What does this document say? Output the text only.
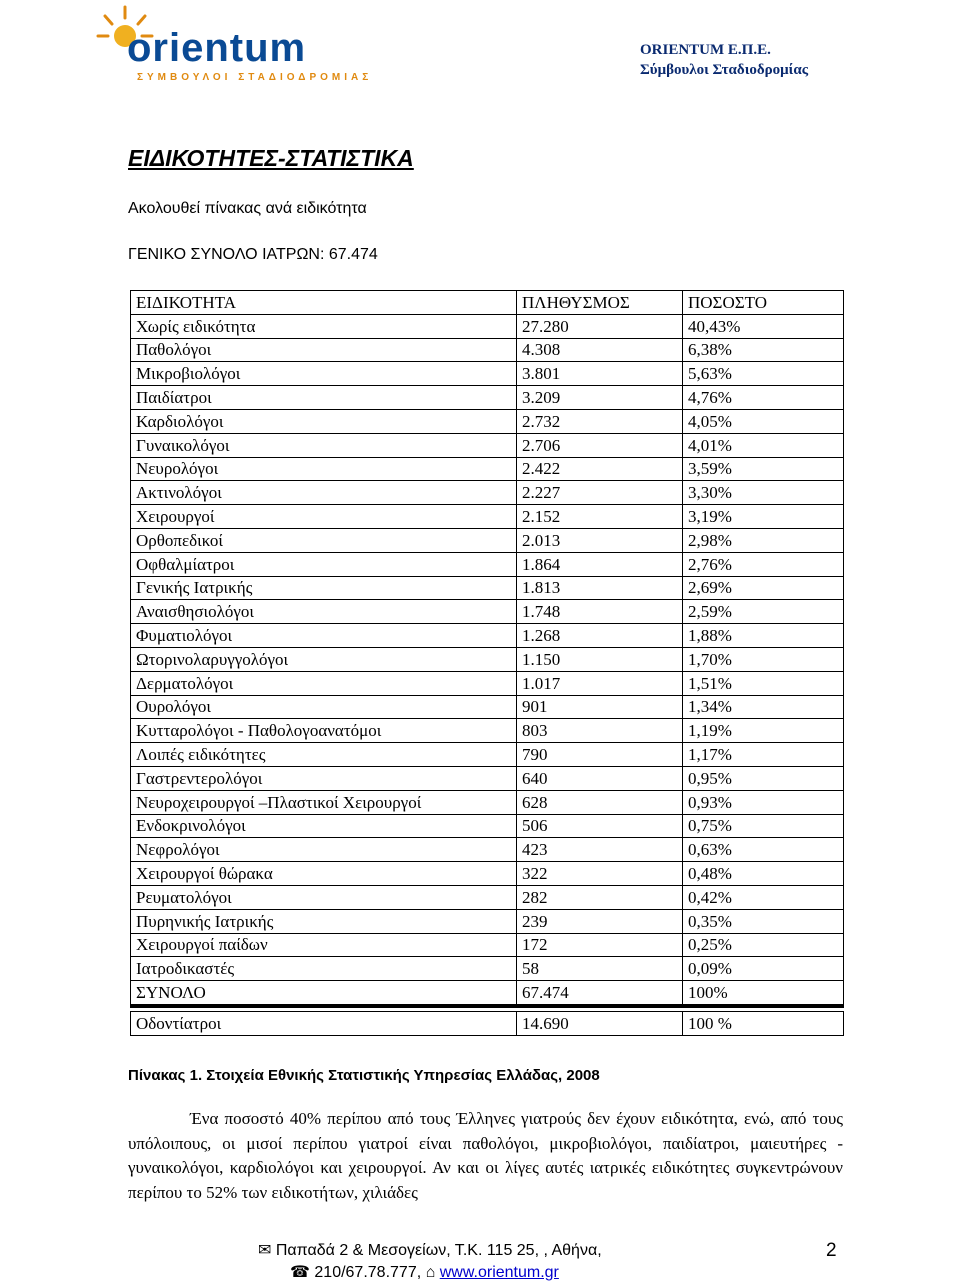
orientum
ΣΥΜΒΟΥΛΟΙ ΣΤΑΔΙΟΔΡΟΜΙΑΣ
ORIENTUM Ε.Π.Ε.
Σύμβουλοι Σταδιοδρομίας
ΕΙΔΙΚΟΤΗΤΕΣ-ΣΤΑΤΙΣΤΙΚΑ
Ακολουθεί πίνακας ανά ειδικότητα
ΓΕΝΙΚΟ ΣΥΝΟΛΟ ΙΑΤΡΩΝ: 67.474
ΕΙΔΙΚΟΤΗΤΑ	ΠΛΗΘΥΣΜΟΣ	ΠΟΣΟΣΤΟ
Χωρίς ειδικότητα	27.280	40,43%
Παθολόγοι	4.308	6,38%
Μικροβιολόγοι	3.801	5,63%
Παιδίατροι	3.209	4,76%
Καρδιολόγοι	2.732	4,05%
Γυναικολόγοι	2.706	4,01%
Νευρολόγοι	2.422	3,59%
Ακτινολόγοι	2.227	3,30%
Χειρουργοί	2.152	3,19%
Ορθοπεδικοί	2.013	2,98%
Οφθαλμίατροι	1.864	2,76%
Γενικής Ιατρικής	1.813	2,69%
Αναισθησιολόγοι	1.748	2,59%
Φυματιολόγοι	1.268	1,88%
Ωτορινολαρυγγολόγοι	1.150	1,70%
Δερματολόγοι	1.017	1,51%
Ουρολόγοι	901	1,34%
Κυτταρολόγοι - Παθολογοανατόμοι	803	1,19%
Λοιπές ειδικότητες	790	1,17%
Γαστρεντερολόγοι	640	0,95%
Νευροχειρουργοί –Πλαστικοί Χειρουργοί	628	0,93%
Ενδοκρινολόγοι	506	0,75%
Νεφρολόγοι	423	0,63%
Χειρουργοί θώρακα	322	0,48%
Ρευματολόγοι	282	0,42%
Πυρηνικής Ιατρικής	239	0,35%
Χειρουργοί παίδων	172	0,25%
Ιατροδικαστές	58	0,09%
ΣΥΝΟΛΟ	67.474	100%

Οδοντίατροι	14.690	100 %
Πίνακας 1. Στοιχεία Εθνικής Στατιστικής Υπηρεσίας Ελλάδας, 2008
Ένα ποσοστό 40% περίπου από τους Έλληνες γιατρούς δεν έχουν ειδικότητα, ενώ, από τους υπόλοιπους, οι μισοί περίπου γιατροί είναι παθολόγοι, μικροβιολόγοι, παιδίατροι, μαιευτήρες - γυναικολόγοι, καρδιολόγοι και χειρουργοί. Αν και οι λίγες αυτές ιατρικές ειδικότητες συγκεντρώνουν περίπου το 52% των ειδικοτήτων, χιλιάδες
✉ Παπαδά 2 & Μεσογείων, Τ.Κ. 115 25, , Αθήνα,
☎ 210/67.78.777, ⌂ www.orientum.gr
2
